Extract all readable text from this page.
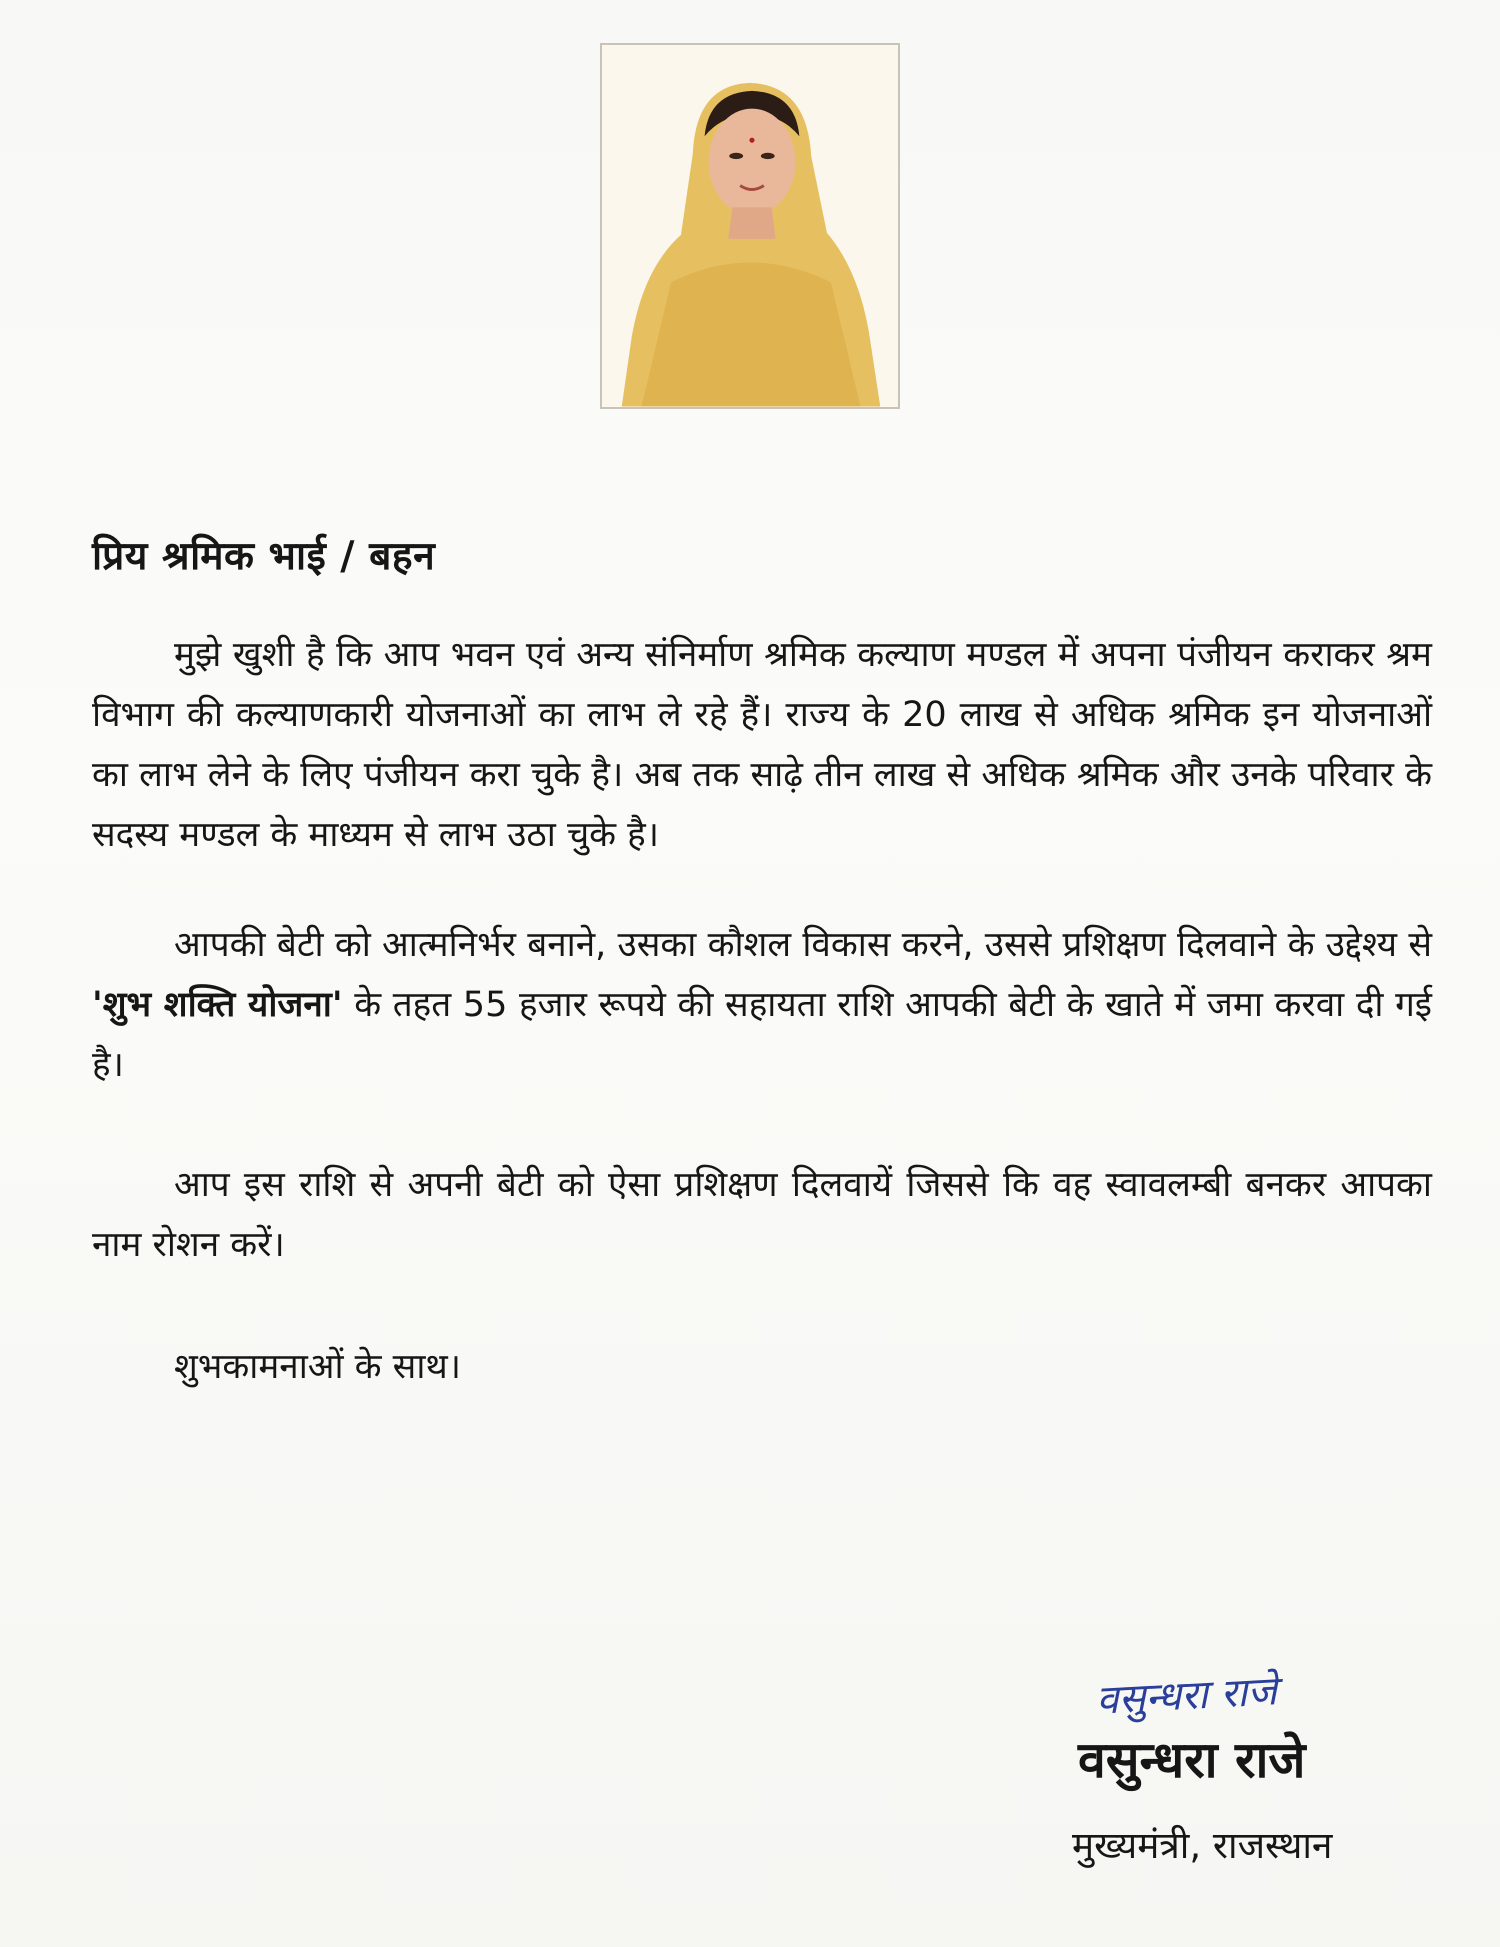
प्रिय श्रमिक भाई / बहन

मुझे खुशी है कि आप भवन एवं अन्य संनिर्माण श्रमिक कल्याण मण्डल में अपना पंजीयन कराकर श्रम विभाग की कल्याणकारी योजनाओं का लाभ ले रहे हैं। राज्य के 20 लाख से अधिक श्रमिक इन योजनाओं का लाभ लेने के लिए पंजीयन करा चुके है। अब तक साढ़े तीन लाख से अधिक श्रमिक और उनके परिवार के सदस्य मण्डल के माध्यम से लाभ उठा चुके है।

आपकी बेटी को आत्मनिर्भर बनाने, उसका कौशल विकास करने, उससे प्रशिक्षण दिलवाने के उद्देश्य से 'शुभ शक्ति योजना' के तहत 55 हजार रूपये की सहायता राशि आपकी बेटी के खाते में जमा करवा दी गई है।

आप इस राशि से अपनी बेटी को ऐसा प्रशिक्षण दिलवायें जिससे कि वह स्वावलम्बी बनकर आपका नाम रोशन करें।

शुभकामनाओं के साथ।
वसुन्धरा राजे
वसुन्धरा राजे
मुख्यमंत्री, राजस्थान
